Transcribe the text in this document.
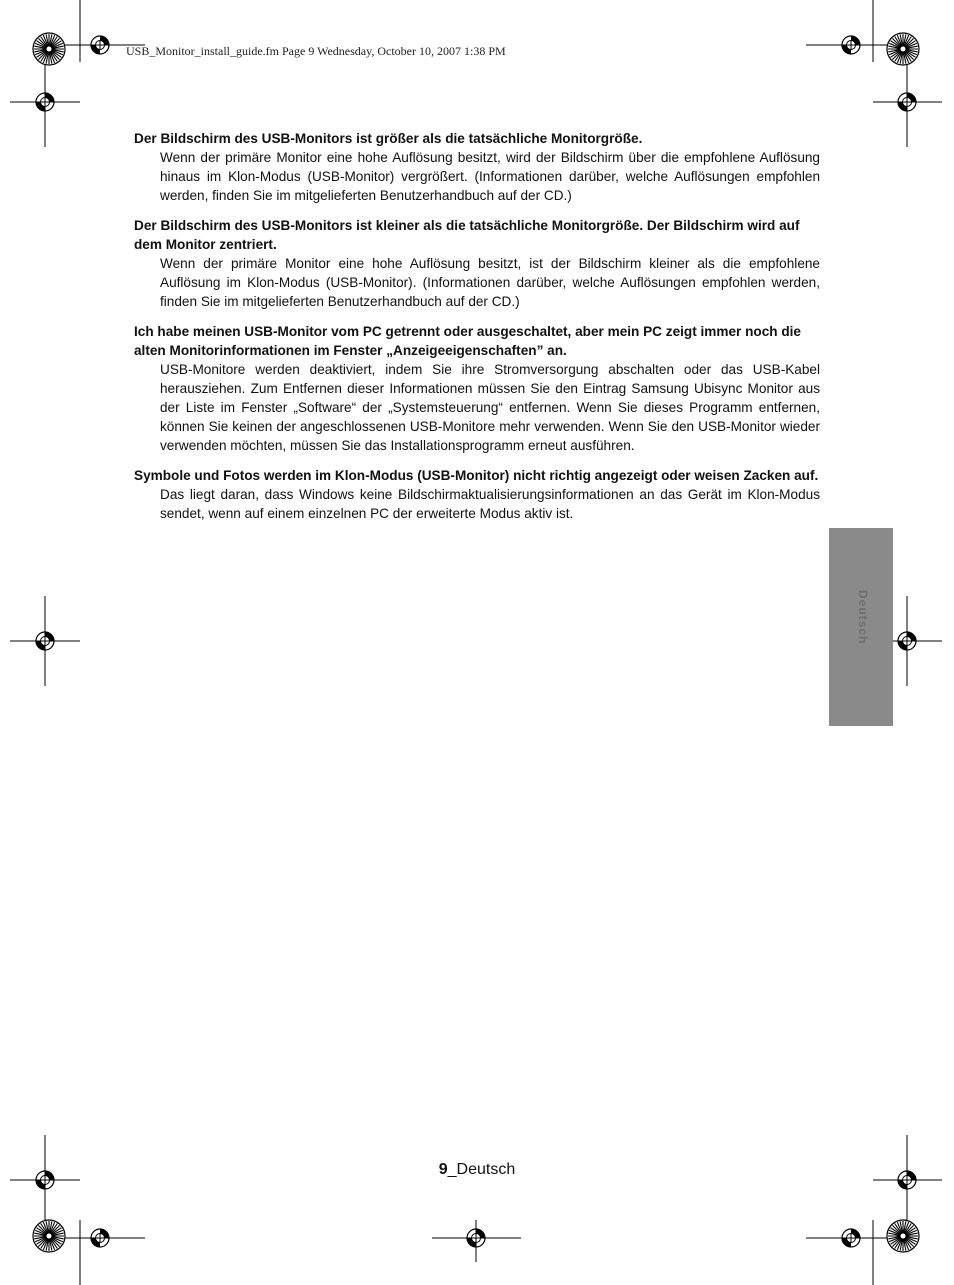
USB_Monitor_install_guide.fm Page 9 Wednesday, October 10, 2007 1:38 PM

Der Bildschirm des USB-Monitors ist größer als die tatsächliche Monitorgröße.

Wenn der primäre Monitor eine hohe Auflösung besitzt, wird der Bildschirm über die empfohlene Auflösung hinaus im Klon-Modus (USB-Monitor) vergrößert. (Informationen darüber, welche Auflösungen empfohlen werden, finden Sie im mitgelieferten Benutzerhandbuch auf der CD.)

Der Bildschirm des USB-Monitors ist kleiner als die tatsächliche Monitorgröße. Der Bildschirm wird auf dem Monitor zentriert.

Wenn der primäre Monitor eine hohe Auflösung besitzt, ist der Bildschirm kleiner als die empfohlene Auflösung im Klon-Modus (USB-Monitor). (Informationen darüber, welche Auflösungen empfohlen werden, finden Sie im mitgelieferten Benutzerhandbuch auf der CD.)

Ich habe meinen USB-Monitor vom PC getrennt oder ausgeschaltet, aber mein PC zeigt immer noch die alten Monitorinformationen im Fenster „Anzeigeeigenschaften” an.

USB-Monitore werden deaktiviert, indem Sie ihre Stromversorgung abschalten oder das USB-Kabel herausziehen. Zum Entfernen dieser Informationen müssen Sie den Eintrag Samsung Ubisync Monitor aus der Liste im Fenster „Software“ der „Systemsteuerung“ entfernen. Wenn Sie dieses Programm entfernen, können Sie keinen der angeschlossenen USB-Monitore mehr verwenden. Wenn Sie den USB-Monitor wieder verwenden möchten, müssen Sie das Installationsprogramm erneut ausführen.

Symbole und Fotos werden im Klon-Modus (USB-Monitor) nicht richtig angezeigt oder weisen Zacken auf.

Das liegt daran, dass Windows keine Bildschirmaktualisierungsinformationen an das Gerät im Klon-Modus sendet, wenn auf einem einzelnen PC der erweiterte Modus aktiv ist.

Deutsch
9_Deutsch
